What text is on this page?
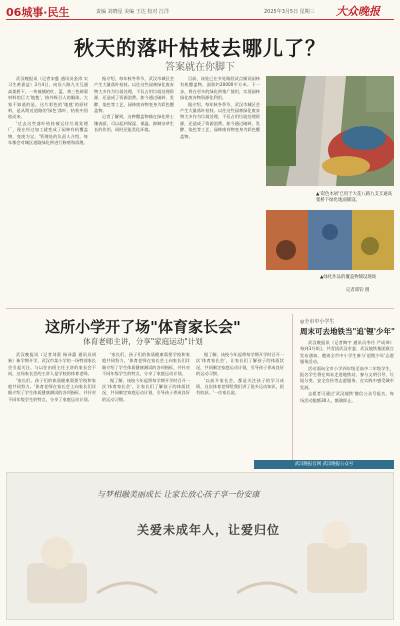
06城事·民生	责编 刘晓星 美编 王达 校对 江洋	2025年3月5日 星期三 大众晚报
秋天的落叶枯枝去哪儿了？
答案就在你脚下

武汉晚报讯（记者宋慈 通讯员金涛 实习生黄嘉益）3月4日，向设八路九支互通高架桥下，一块被铺的红、蓝、黄三色碎屑材料的巨大'地毯'，格外吸引人的眼球。大家不知道的是，这片彩色的'地毯'的原材料，是从附近道路的'绿色'落叶、枯枝中回收而来。

'过去这些落叶枯枝被运往垃圾处理厂，现在经过加工就变成了园林有机覆盖物，变废为宝。'管理处的负责人介绍，每年都会对城区道路绿化带进行修剪和清理。

据介绍，每年秋冬季节，武汉市城区会产生大量落叶枯枝。以往这些园林绿化废弃物大多作为垃圾处理，不仅占用垃圾处理资源，还造成了资源浪费。如今通过破碎、发酵、染色等工艺，园林废弃物变身为彩色覆盖物。

记者了解到，这种覆盖物铺在绿化带土壤表面，可以起到保湿、保温、抑制杂草生长的作用，同时还能美化环境。

目前，该处已在多处路段试点铺设园林有机覆盖物，面积约20000平方米。下一步，将在更多的绿化带推广使用，实现园林绿化废弃物资源化利用。

据介绍，每年秋冬季节，武汉市城区会产生大量落叶枯枝。以往这些园林绿化废弃物大多作为垃圾处理，不仅占用垃圾处理资源，还造成了资源浪费。如今通过破碎、发酵、染色等工艺，园林废弃物变身为彩色覆盖物。

▲'彩色木屑'已用于大花八路九支互通高架桥下绿化地面铺设。
▲绿化作品的覆盖物铺设现场
记者郑钧 摄
这所小学开了场"体育家长会"
体育老师主讲，分享"家庭运动"计划

武汉晚报讯（记者刘嘉 杨泽惠 通讯员胡新）新学期开学，武汉市某小学的一场特别家长会引起关注。与以往由班主任主讲的家长会不同，这场家长会的主讲人是学校的体育老师。

'家长们，孩子们的体质健康需要学校和家庭共同努力。'体育老师在家长会上向家长们详细介绍了学生体质健康测试的各项指标，并针对不同年级学生的特点，分享了家庭运动计划。

'家长们，孩子们的体质健康需要学校和家庭共同努力。'体育老师在家长会上向家长们详细介绍了学生体质健康测试的各项指标，并针对不同年级学生的特点，分享了家庭运动计划。

据了解，该校今年起将每学期开学时召开一次'体育家长会'，让家长们了解孩子的体质状况，共同制定家庭运动计划，引导孩子养成良好的运动习惯。

据了解，该校今年起将每学期开学时召开一次'体育家长会'，让家长们了解孩子的体质状况，共同制定家庭运动计划，引导孩子养成良好的运动习惯。

'以前开家长会，都是关注孩子的学习成绩，这次体育老师给我们讲了很多运动知识，很有收获。'一位家长说。

◎全市中小学生
周末可去地铁当"追'锂'少年"

武汉晚报讯（记者陶宇 通讯员李丹 严成坤）每到3月4日，共青团武汉市委、武汉地铁集团联合发布通知，邀请全市中小学生参与'追锂少年'志愿服务活动。

活动面向全市小学四年级至高中二年级学生，报名学生将在周末走进地铁站，参与文明引导、垃圾分类、安全宣传等志愿服务，在实践中感受城市发展。

志愿者可通过'武汉地铁'微信公众号报名，每场活动限额30人，额满即止。

武汉晚报官网 武汉晚报公众号
与梦相融美丽成长 让家长放心孩子享一份安康
关爱未成年人，让爱归位
